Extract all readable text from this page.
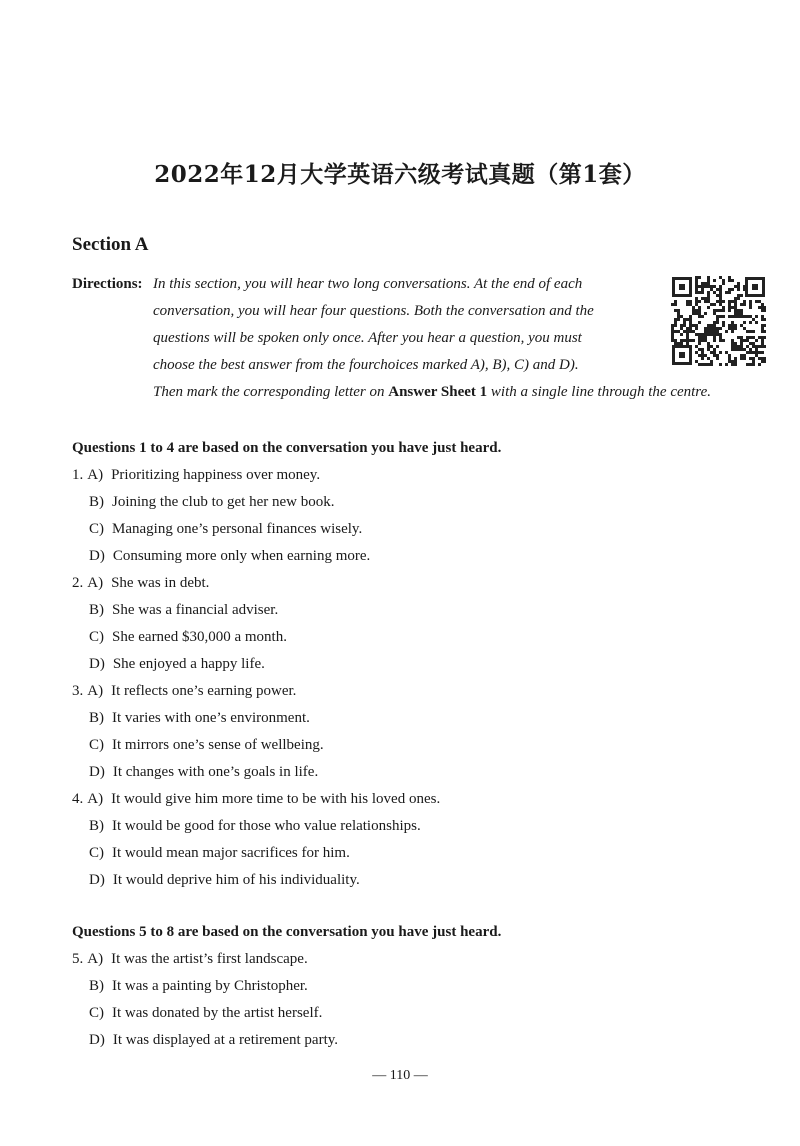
2022年12月大学英语六级考试真题（第1套）
Section A
Directions: In this section, you will hear two long conversations. At the end of each
conversation, you will hear four questions. Both the conversation and the
questions will be spoken only once. After you hear a question, you must
choose the best answer from the fourchoices marked A), B), C) and D).
Then mark the corresponding letter on Answer Sheet 1 with a single line through the centre.
Questions 1 to 4 are based on the conversation you have just heard.
1. A) Prioritizing happiness over money.
B) Joining the club to get her new book.
C) Managing one’s personal finances wisely.
D) Consuming more only when earning more.
2. A) She was in debt.
B) She was a financial adviser.
C) She earned $30,000 a month.
D) She enjoyed a happy life.
3. A) It reflects one’s earning power.
B) It varies with one’s environment.
C) It mirrors one’s sense of wellbeing.
D) It changes with one’s goals in life.
4. A) It would give him more time to be with his loved ones.
B) It would be good for those who value relationships.
C) It would mean major sacrifices for him.
D) It would deprive him of his individuality.
Questions 5 to 8 are based on the conversation you have just heard.
5. A) It was the artist’s first landscape.
B) It was a painting by Christopher.
C) It was donated by the artist herself.
D) It was displayed at a retirement party.
— 110 —
